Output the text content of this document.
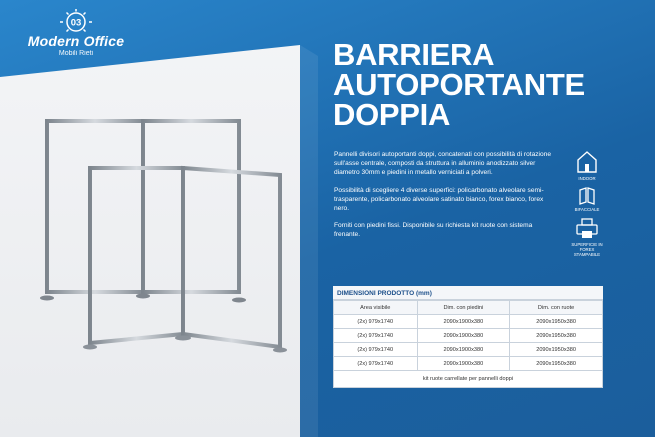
03
Modern Office
Mobili Rieti	BARRIERA
AUTOPORTANTE
DOPPIA

Pannelli divisori autoportanti doppi, concatenati con possibilità di rotazione sull'asse centrale, composti da struttura in alluminio anodizzato silver diametro 30mm e piedini in metallo verniciati a polveri.

Possibilità di scegliere 4 diverse superfici: policarbonato alveolare semi-trasparente, policarbonato alveolare satinato bianco, forex bianco, forex nero.

Forniti con piedini fissi. Disponibile su richiesta kit ruote con sistema frenante.

INDOOR
BIFACCIALE
SUPERFICIE IN FOREX STAMPABILE
DIMENSIONI PRODOTTO (mm)
Area visibile	Dim. con piedini	Dim. con ruote
(2x) 979x1740	2090x1900x380	2090x1950x380
(2x) 979x1740	2090x1900x380	2090x1950x380
(2x) 979x1740	2090x1900x380	2090x1950x380
(2x) 979x1740	2090x1900x380	2090x1950x380
kit ruote carrellate per pannelli doppi		
